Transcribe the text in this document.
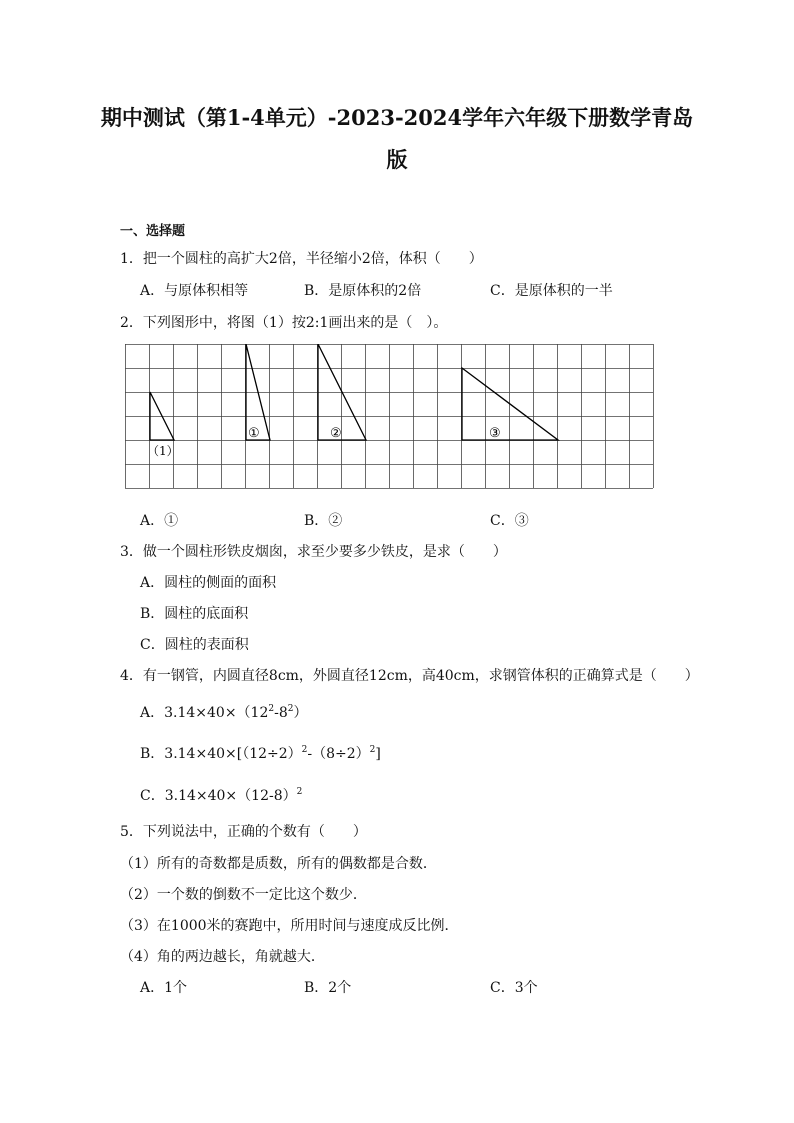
期中测试（第1-4单元）-2023-2024学年六年级下册数学青岛
版
一、选择题
1．把一个圆柱的高扩大2倍，半径缩小2倍，体积（　　）
A．与原体积相等	B．是原体积的2倍	C．是原体积的一半
2．下列图形中，将图（1）按2:1画出来的是（　）。
（1）
①	②	③
A．①	B．②	C．③
3．做一个圆柱形铁皮烟囱，求至少要多少铁皮，是求（　　）
A．圆柱的侧面的面积
B．圆柱的底面积
C．圆柱的表面积
4．有一钢管，内圆直径8cm，外圆直径12cm，高40cm，求钢管体积的正确算式是（　　）
A．$3.14\times 40\times(12^2-8^2)$
B．$3.14\times 40\times[(12\div 2)^2-(8\div 2)^2]$
C．$3.14\times 40\times(12-8)^2$
5．下列说法中，正确的个数有（　　）
（1）所有的奇数都是质数，所有的偶数都是合数．
（2）一个数的倒数不一定比这个数少．
（3）在1000米的赛跑中，所用时间与速度成反比例．
（4）角的两边越长，角就越大．
A．1个	B．2个	C．3个
